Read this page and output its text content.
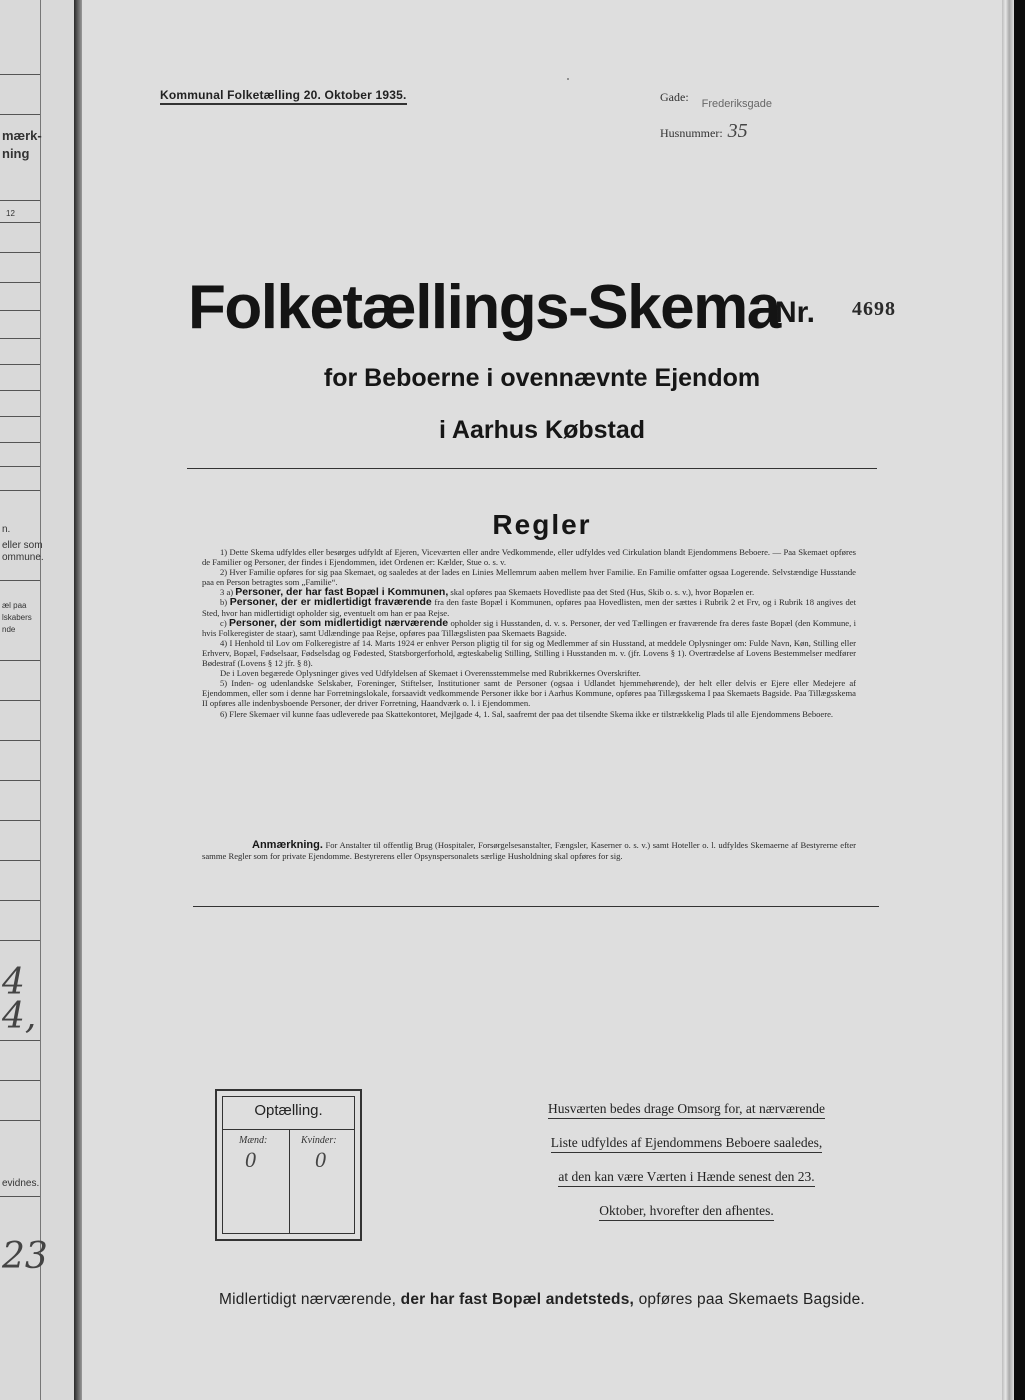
mærk-
ning
12
n.
eller som
ommune.
æl paa
lskabers
nde
4
4,
evidnes.
23
Kommunal Folketælling 20. Oktober 1935.	Gade: Frederiksgade
Husnummer: 35
Folketællings-Skema
Nr. 4698
for Beboerne i ovennævnte Ejendom
i Aarhus Købstad
Regler

1) Dette Skema udfyldes eller besørges udfyldt af Ejeren, Viceværten eller andre Vedkommende, eller udfyldes ved Cirkulation blandt Ejendommens Beboere. — Paa Skemaet opføres de Familier og Personer, der findes i Ejendommen, idet Ordenen er: Kælder, Stue o. s. v.

2) Hver Familie opføres for sig paa Skemaet, og saaledes at der lades en Linies Mellemrum aaben mellem hver Familie. En Familie omfatter ogsaa Logerende. Selvstændige Husstande paa en Person betragtes som „Familie“.

3 a) Personer, der har fast Bopæl i Kommunen, skal opføres paa Skemaets Hovedliste paa det Sted (Hus, Skib o. s. v.), hvor Bopælen er.

b) Personer, der er midlertidigt fraværende fra den faste Bopæl i Kommunen, opføres paa Hovedlisten, men der sættes i Rubrik 2 et Frv, og i Rubrik 18 angives det Sted, hvor han midlertidigt opholder sig, eventuelt om han er paa Rejse.

c) Personer, der som midlertidigt nærværende opholder sig i Husstanden, d. v. s. Personer, der ved Tællingen er fraværende fra deres faste Bopæl (den Kommune, i hvis Folkeregister de staar), samt Udlændinge paa Rejse, opføres paa Tillægslisten paa Skemaets Bagside.

4) I Henhold til Lov om Folkeregistre af 14. Marts 1924 er enhver Person pligtig til for sig og Medlemmer af sin Husstand, at meddele Oplysninger om: Fulde Navn, Køn, Stilling eller Erhverv, Bopæl, Fødselsaar, Fødselsdag og Fødested, Statsborgerforhold, ægteskabelig Stilling, Stilling i Husstanden m. v. (jfr. Lovens § 1). Overtrædelse af Lovens Bestemmelser medfører Bødestraf (Lovens § 12 jfr. § 8).

De i Loven begærede Oplysninger gives ved Udfyldelsen af Skemaet i Overensstemmelse med Rubrikkernes Overskrifter.

5) Inden- og udenlandske Selskaber, Foreninger, Stiftelser, Institutioner samt de Personer (ogsaa i Udlandet hjemmehørende), der helt eller delvis er Ejere eller Medejere af Ejendommen, eller som i denne har Forretningslokale, forsaavidt vedkommende Personer ikke bor i Aarhus Kommune, opføres paa Tillægsskema I paa Skemaets Bagside. Paa Tillægsskema II opføres alle indenbysboende Personer, der driver Forretning, Haandværk o. l. i Ejendommen.

6) Flere Skemaer vil kunne faas udleverede paa Skattekontoret, Mejlgade 4, 1. Sal, saafremt der paa det tilsendte Skema ikke er tilstrækkelig Plads til alle Ejendommens Beboere.

Anmærkning. For Anstalter til offentlig Brug (Hospitaler, Forsørgelsesanstalter, Fængsler, Kaserner o. s. v.) samt Hoteller o. l. udfyldes Skemaerne af Bestyrerne efter samme Regler som for private Ejendomme. Bestyrerens eller Opsynspersonalets særlige Husholdning skal opføres for sig.
Optælling.
Mænd:	Kvinder:
0	0
Husværten bedes drage Omsorg for, at nærværende
Liste udfyldes af Ejendommens Beboere saaledes,
at den kan være Værten i Hænde senest den 23.
Oktober, hvorefter den afhentes.
Midlertidigt nærværende, der har fast Bopæl andetsteds, opføres paa Skemaets Bagside.
